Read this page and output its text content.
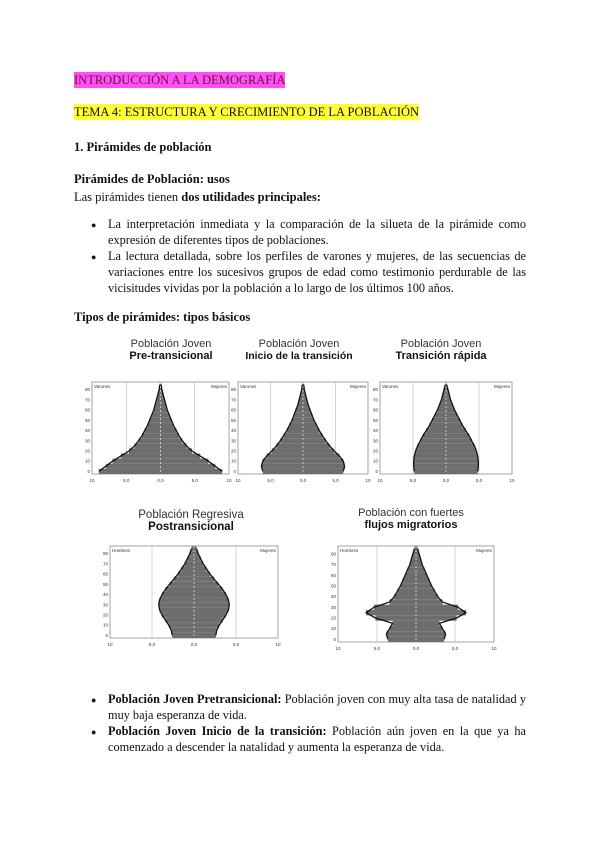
INTRODUCCIÓN A LA DEMOGRAFÍA
TEMA 4: ESTRUCTURA Y CRECIMIENTO DE LA POBLACIÓN
1. Pirámides de población
Pirámides de Población: usos
Las pirámides tienen dos utilidades principales:
● La interpretación inmediata y la comparación de la silueta de la pirámide como expresión de diferentes tipos de poblaciones.
● La lectura detallada, sobre los perfiles de varones y mujeres, de las secuencias de variaciones entre los sucesivos grupos de edad como testimonio perdurable de las vicisitudes vividas por la población a lo largo de los últimos 100 años.
Tipos de pirámides: tipos básicos
Población Joven
Pre-transicional
Población Joven
Inicio de la transición
Población Joven
Transición rápida
Población Regresiva
Postransicional
Población con fuertes
flujos migratorios
0
10
20
30
40
50
60
70
80
10	5,0	0,0	5,0	10
Varones	Mujeres
0
10
20
30
40
50
60
70
80
10	5,0	0,0	5,0	10
Varones	Mujeres
0
10
20
30
40
50
60
70
80
10	5,0	0,0	5,0	10
Varones	Mujeres
0
10
20
30
40
50
60
70
80
10	5,0	0,0	5,0	10
Hombres	Mujeres
0
10
20
30
40
50
60
70
80
10	5,0	0,0	5,0	10
Hombres	Mujeres
● Población Joven Pretransicional: Población joven con muy alta tasa de natalidad y muy baja esperanza de vida.
● Población Joven Inicio de la transición: Población aún joven en la que ya ha comenzado a descender la natalidad y aumenta la esperanza de vida.
